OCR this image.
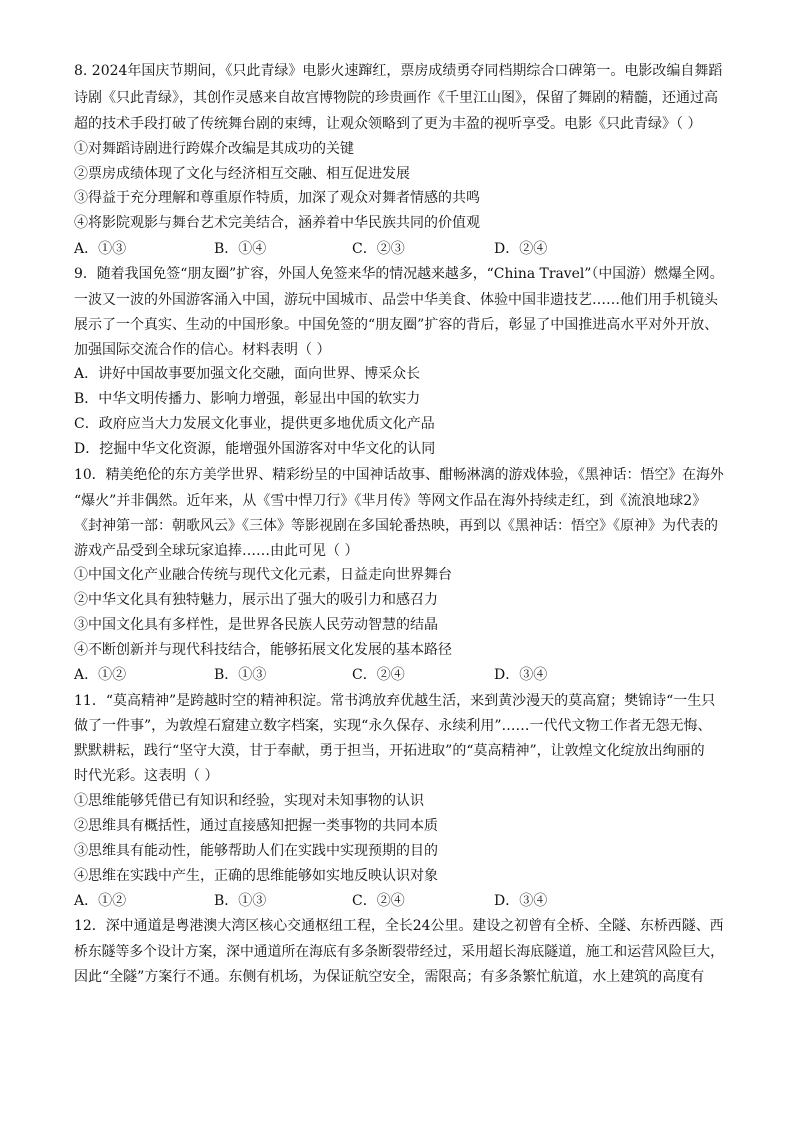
8. 2024年国庆节期间，《只此青绿》电影火速蹿红，票房成绩勇夺同档期综合口碑第一。电影改编自舞蹈
诗剧《只此青绿》，其创作灵感来自故宫博物院的珍贵画作《千里江山图》，保留了舞剧的精髓，还通过高
超的技术手段打破了传统舞台剧的束缚，让观众领略到了更为丰盈的视听享受。电影《只此青绿》（ ）
①对舞蹈诗剧进行跨媒介改编是其成功的关键
②票房成绩体现了文化与经济相互交融、相互促进发展
③得益于充分理解和尊重原作特质，加深了观众对舞者情感的共鸣
④将影院观影与舞台艺术完美结合，涵养着中华民族共同的价值观
A．①③	B．①④	C．②③	D．②④
9．随着我国免签“朋友圈”扩容，外国人免签来华的情况越来越多，“China Travel”（中国游）燃爆全网。
一波又一波的外国游客涌入中国，游玩中国城市、品尝中华美食、体验中国非遗技艺……他们用手机镜头
展示了一个真实、生动的中国形象。中国免签的“朋友圈”扩容的背后，彰显了中国推进高水平对外开放、
加强国际交流合作的信心。材料表明（ ）
A．讲好中国故事要加强文化交融，面向世界、博采众长
B．中华文明传播力、影响力增强，彰显出中国的软实力
C．政府应当大力发展文化事业，提供更多地优质文化产品
D．挖掘中华文化资源，能增强外国游客对中华文化的认同
10．精美绝伦的东方美学世界、精彩纷呈的中国神话故事、酣畅淋漓的游戏体验，《黑神话：悟空》在海外
“爆火”并非偶然。近年来，从《雪中悍刀行》《芈月传》等网文作品在海外持续走红，到《流浪地球2》
《封神第一部：朝歌风云》《三体》等影视剧在多国轮番热映，再到以《黑神话：悟空》《原神》为代表的
游戏产品受到全球玩家追捧……由此可见（ ）
①中国文化产业融合传统与现代文化元素，日益走向世界舞台
②中华文化具有独特魅力，展示出了强大的吸引力和感召力
③中国文化具有多样性，是世界各民族人民劳动智慧的结晶
④不断创新并与现代科技结合，能够拓展文化发展的基本路径
A．①②	B．①③	C．②④	D．③④
11．“莫高精神”是跨越时空的精神积淀。常书鸿放弃优越生活，来到黄沙漫天的莫高窟；樊锦诗“一生只
做了一件事”，为敦煌石窟建立数字档案，实现“永久保存、永续利用”……一代代文物工作者无怨无悔、
默默耕耘，践行“坚守大漠，甘于奉献，勇于担当，开拓进取”的“莫高精神”，让敦煌文化绽放出绚丽的
时代光彩。这表明（ ）
①思维能够凭借已有知识和经验，实现对未知事物的认识
②思维具有概括性，通过直接感知把握一类事物的共同本质
③思维具有能动性，能够帮助人们在实践中实现预期的目的
④思维在实践中产生，正确的思维能够如实地反映认识对象
A．①②	B．①③	C．②④	D．③④
12．深中通道是粤港澳大湾区核心交通枢纽工程，全长24公里。建设之初曾有全桥、全隧、东桥西隧、西
桥东隧等多个设计方案，深中通道所在海底有多条断裂带经过，采用超长海底隧道，施工和运营风险巨大，
因此“全隧”方案行不通。东侧有机场，为保证航空安全，需限高；有多条繁忙航道，水上建筑的高度有
